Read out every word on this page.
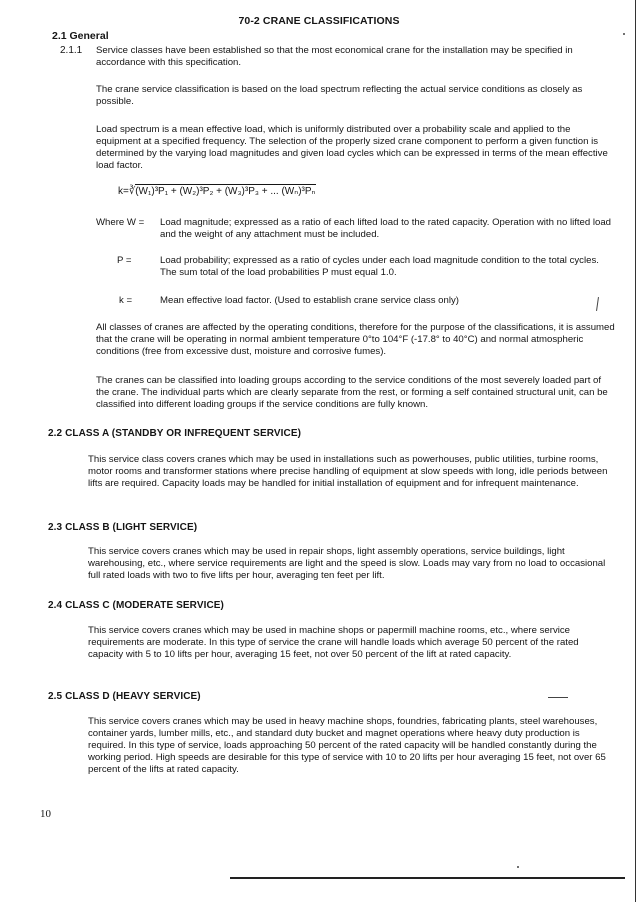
70-2 CRANE CLASSIFICATIONS
2.1 General
2.1.1 Service classes have been established so that the most economical crane for the installation may be specified in accordance with this specification.

The crane service classification is based on the load spectrum reflecting the actual service conditions as closely as possible.

Load spectrum is a mean effective load, which is uniformly distributed over a probability scale and applied to the equipment at a specified frequency. The selection of the properly sized crane component to perform a given function is determined by the varying load magnitudes and given load cycles which can be expressed in terms of the mean effective load factor.

k=∛(W₁)³P₁ + (W₂)³P₂ + (W₃)³P₃ + ... (Wₙ)³Pₙ
Where W = Load magnitude; expressed as a ratio of each lifted load to the rated capacity. Operation with no lifted load and the weight of any attachment must be included.

P =	Load probability; expressed as a ratio of cycles under each load magnitude condition to the total cycles. The sum total of the load probabilities P must equal 1.0.

k =	Mean effective load factor. (Used to establish crane service class only)

All classes of cranes are affected by the operating conditions, therefore for the purpose of the classifications, it is assumed that the crane will be operating in normal ambient temperature 0°to 104°F (-17.8° to 40°C) and normal atmospheric conditions (free from excessive dust, moisture and corrosive fumes).

The cranes can be classified into loading groups according to the service conditions of the most severely loaded part of the crane. The individual parts which are clearly separate from the rest, or forming a self contained structural unit, can be classified into different loading groups if the service conditions are fully known.

2.2 CLASS A (STANDBY OR INFREQUENT SERVICE)

This service class covers cranes which may be used in installations such as powerhouses, public utilities, turbine rooms, motor rooms and transformer stations where precise handling of equipment at slow speeds with long, idle periods between lifts are required. Capacity loads may be handled for initial installation of equipment and for infrequent maintenance.

2.3 CLASS B (LIGHT SERVICE)

This service covers cranes which may be used in repair shops, light assembly operations, service buildings, light warehousing, etc., where service requirements are light and the speed is slow. Loads may vary from no load to occasional full rated loads with two to five lifts per hour, averaging ten feet per lift.

2.4 CLASS C (MODERATE SERVICE)

This service covers cranes which may be used in machine shops or papermill machine rooms, etc., where service requirements are moderate. In this type of service the crane will handle loads which average 50 percent of the rated capacity with 5 to 10 lifts per hour, averaging 15 feet, not over 50 percent of the lift at rated capacity.

2.5 CLASS D (HEAVY SERVICE)

This service covers cranes which may be used in heavy machine shops, foundries, fabricating plants, steel warehouses, container yards, lumber mills, etc., and standard duty bucket and magnet operations where heavy duty production is required. In this type of service, loads approaching 50 percent of the rated capacity will be handled constantly during the working period. High speeds are desirable for this type of service with 10 to 20 lifts per hour averaging 15 feet, not over 65 percent of the lifts at rated capacity.

10
